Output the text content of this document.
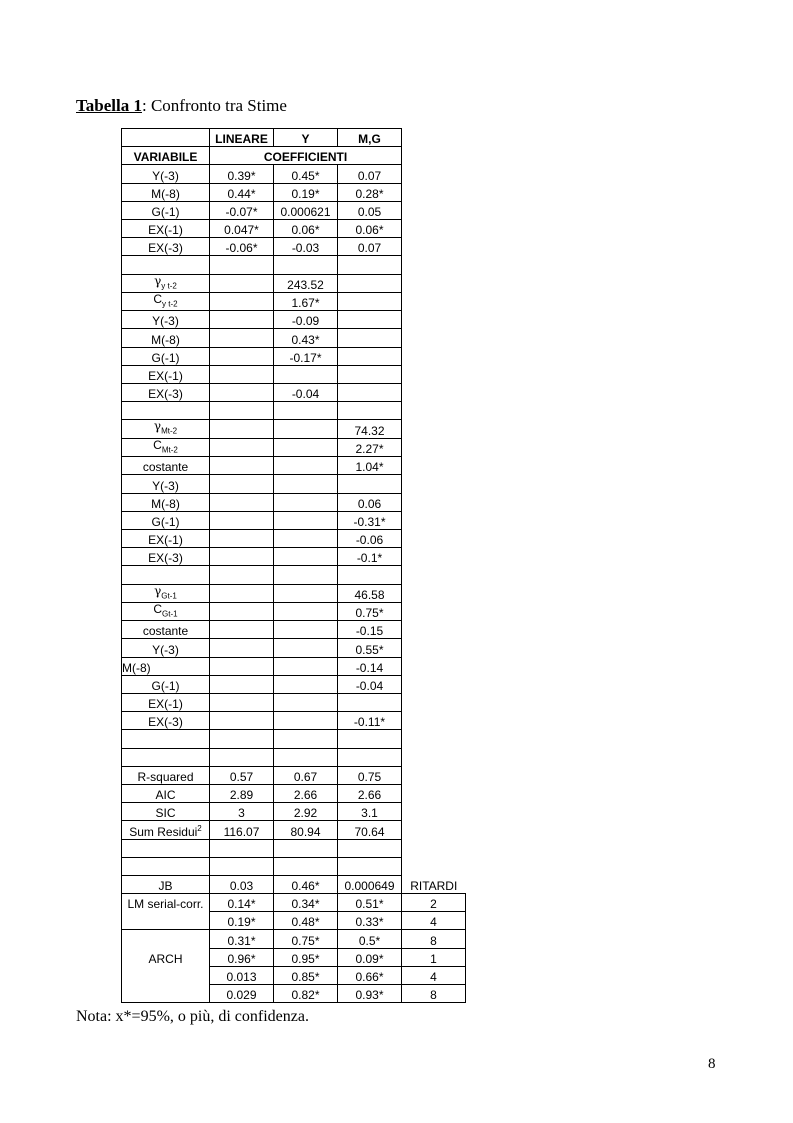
Tabella 1: Confronto tra Stime
	LINEARE	Y	M,G	
VARIABILE	COEFFICIENTI			
Y(-3)	0.39*	0.45*	0.07	
M(-8)	0.44*	0.19*	0.28*	
G(-1)	-0.07*	0.000621	0.05	
EX(-1)	0.047*	0.06*	0.06*	
EX(-3)	-0.06*	-0.03	0.07	

$\gamma_{y t-2}$		243.52		
$C_{y t-2}$		1.67*		
Y(-3)		-0.09		
M(-8)		0.43*		
G(-1)		-0.17*		
EX(-1)				
EX(-3)		-0.04		

$\gamma_{Mt-2}$			74.32	
$C_{Mt-2}$			2.27*	
costante			1.04*	
Y(-3)				
M(-8)			0.06	
G(-1)			-0.31*	
EX(-1)			-0.06	
EX(-3)			-0.1*	

$\gamma_{Gt-1}$			46.58	
$C_{Gt-1}$			0.75*	
costante			-0.15	
Y(-3)			0.55*	
M(-8)			-0.14	
G(-1)			-0.04	
EX(-1)				
EX(-3)			-0.11*	

R-squared	0.57	0.67	0.75	
AIC	2.89	2.66	2.66	
SIC	3	2.92	3.1	
Sum Residui$^2$	116.07	80.94	70.64	

JB	0.03	0.46*	0.000649	RITARDI
LM serial-corr.	0.14*	0.34*	0.51*	2
	0.19*	0.48*	0.33*	4
	0.31*	0.75*	0.5*	8
ARCH	0.96*	0.95*	0.09*	1
	0.013	0.85*	0.66*	4
	0.029	0.82*	0.93*	8
Nota: x*=95%, o più, di confidenza.
8
